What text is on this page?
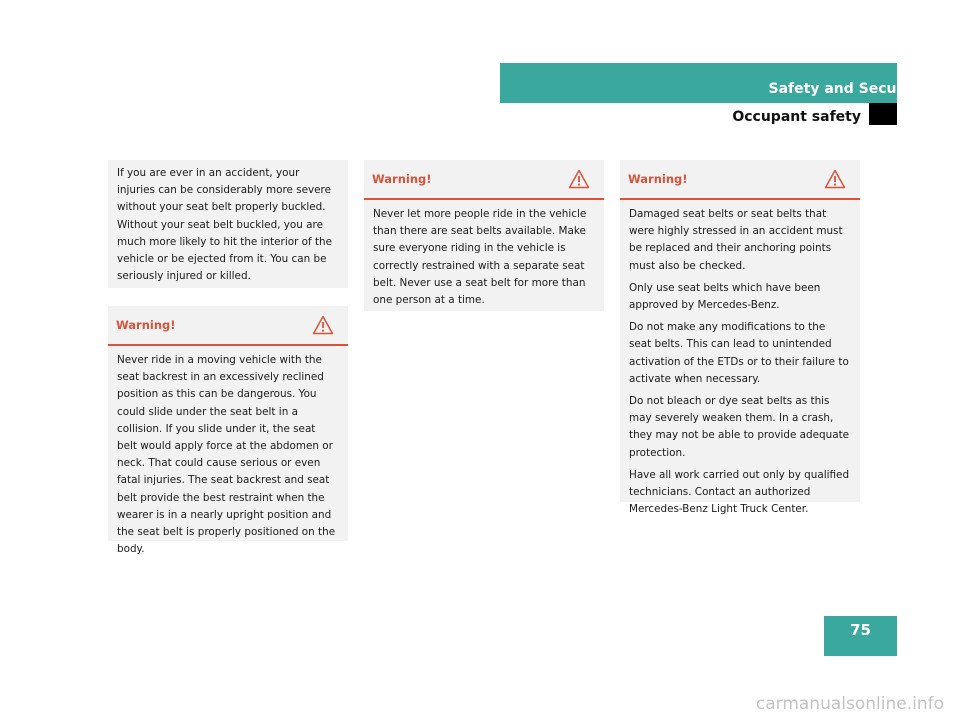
Safety and Security
Occupant safety
If you are ever in an accident, your injuries can be considerably more severe without your seat belt properly buckled. Without your seat belt buckled, you are much more likely to hit the interior of the vehicle or be ejected from it. You can be seriously injured or killed.
Warning!

Never ride in a moving vehicle with the seat backrest in an excessively reclined position as this can be dangerous. You could slide under the seat belt in a collision. If you slide under it, the seat belt would apply force at the abdomen or neck. That could cause serious or even fatal injuries. The seat backrest and seat belt provide the best restraint when the wearer is in a nearly upright position and the seat belt is properly positioned on the body.

Warning!

Never let more people ride in the vehicle than there are seat belts available. Make sure everyone riding in the vehicle is correctly restrained with a separate seat belt. Never use a seat belt for more than one person at a time.

Warning!

Damaged seat belts or seat belts that were highly stressed in an accident must be replaced and their anchoring points must also be checked.

Only use seat belts which have been approved by Mercedes-Benz.

Do not make any modifications to the seat belts. This can lead to unintended activation of the ETDs or to their failure to activate when necessary.

Do not bleach or dye seat belts as this may severely weaken them. In a crash, they may not be able to provide adequate protection.

Have all work carried out only by qualified technicians. Contact an authorized Mercedes-Benz Light Truck Center.

75
carmanualsonline.info
